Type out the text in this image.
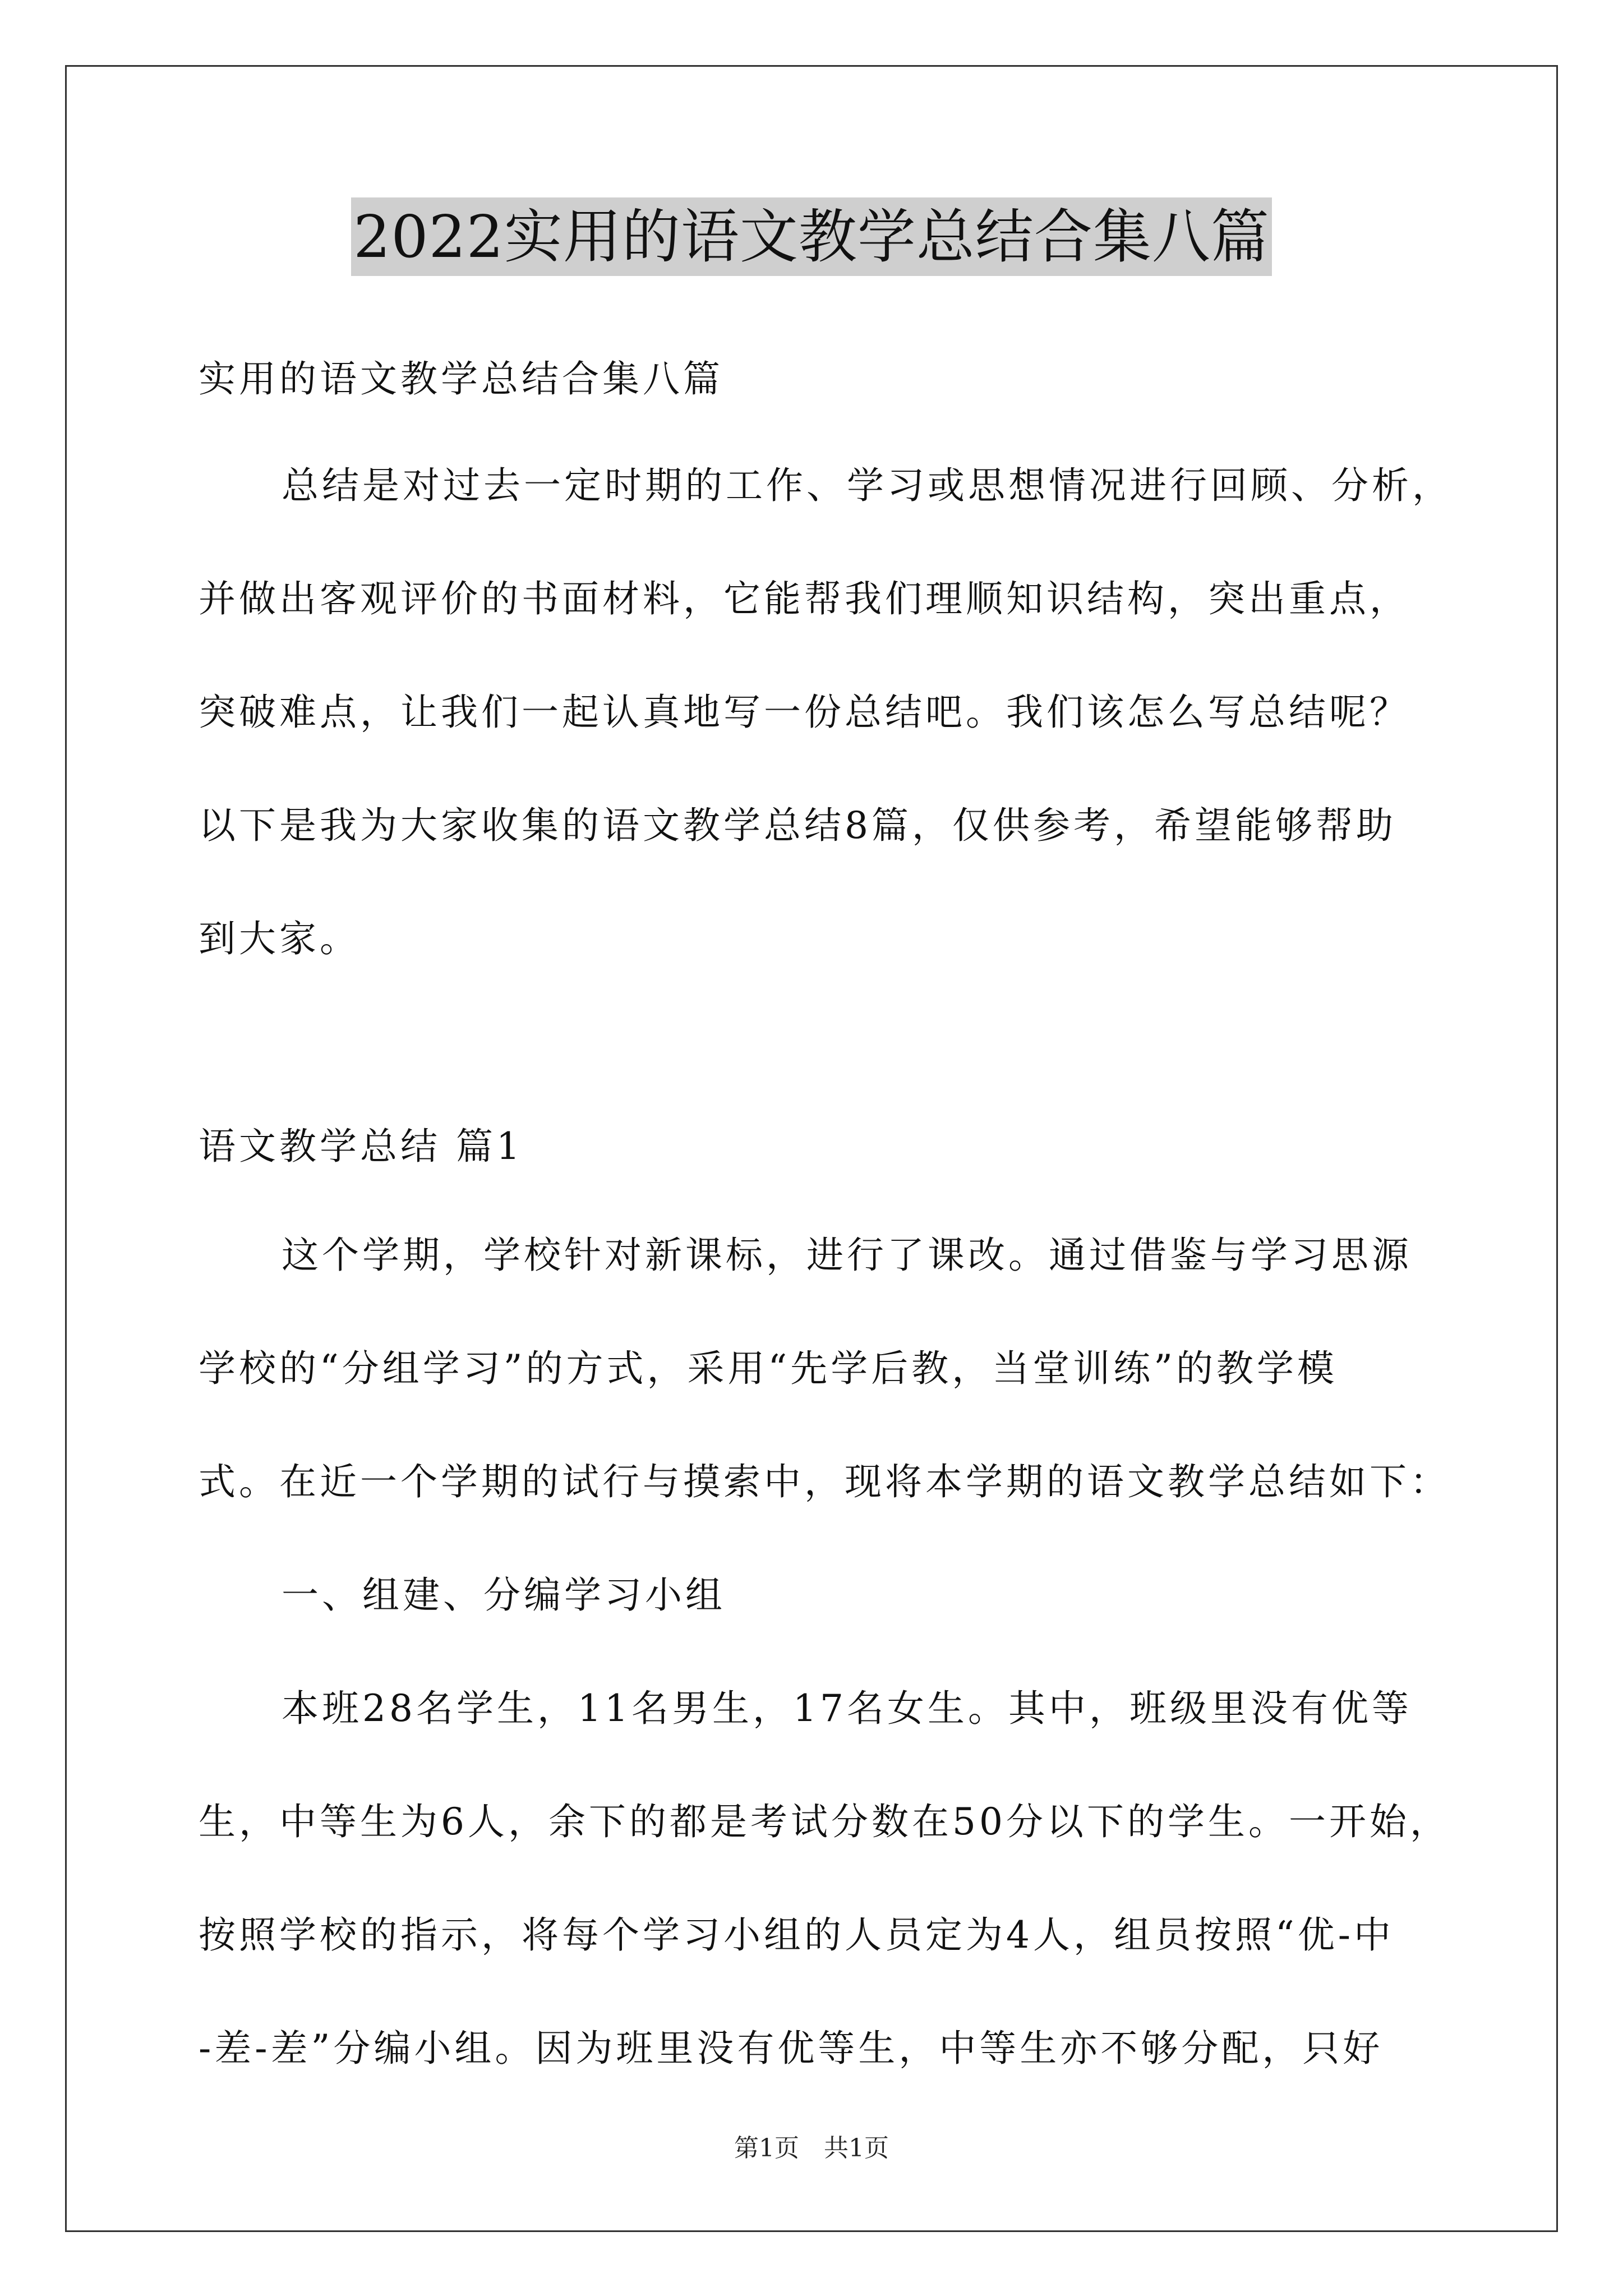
2022实用的语文教学总结合集八篇
实用的语文教学总结合集八篇
总结是对过去一定时期的工作、学习或思想情况进行回顾、分析，
并做出客观评价的书面材料，它能帮我们理顺知识结构，突出重点，
突破难点，让我们一起认真地写一份总结吧。我们该怎么写总结呢？
以下是我为大家收集的语文教学总结8篇，仅供参考，希望能够帮助
到大家。
语文教学总结 篇1
这个学期，学校针对新课标，进行了课改。通过借鉴与学习思源
学校的“分组学习”的方式，采用“先学后教，当堂训练”的教学模
式。在近一个学期的试行与摸索中，现将本学期的语文教学总结如下：
一、组建、分编学习小组
本班28名学生，11名男生，17名女生。其中，班级里没有优等
生，中等生为6人，余下的都是考试分数在50分以下的学生。一开始，
按照学校的指示，将每个学习小组的人员定为4人，组员按照“优-中
-差-差”分编小组。因为班里没有优等生，中等生亦不够分配，只好
第1页　共1页
